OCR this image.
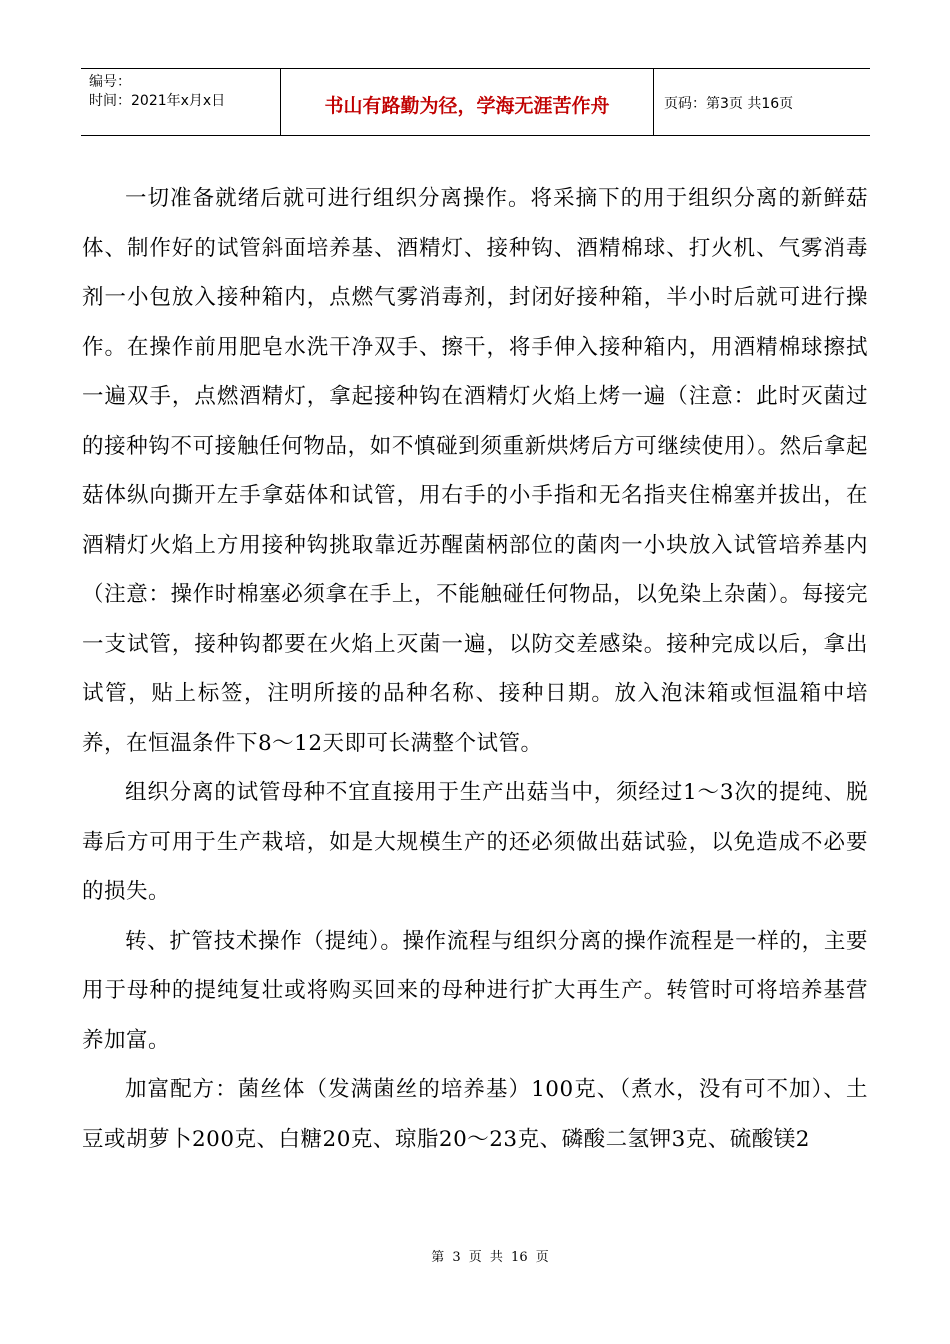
编号：
时间：2021年x月x日	书山有路勤为径，学海无涯苦作舟	页码：第3页 共16页

一切准备就绪后就可进行组织分离操作。将采摘下的用于组织分离的新鲜菇体、制作好的试管斜面培养基、酒精灯、接种钩、酒精棉球、打火机、气雾消毒剂一小包放入接种箱内，点燃气雾消毒剂，封闭好接种箱，半小时后就可进行操作。在操作前用肥皂水洗干净双手、擦干，将手伸入接种箱内，用酒精棉球擦拭一遍双手，点燃酒精灯，拿起接种钩在酒精灯火焰上烤一遍（注意：此时灭菌过的接种钩不可接触任何物品，如不慎碰到须重新烘烤后方可继续使用）。然后拿起菇体纵向撕开左手拿菇体和试管，用右手的小手指和无名指夹住棉塞并拔出，在酒精灯火焰上方用接种钩挑取靠近苏醒菌柄部位的菌肉一小块放入试管培养基内（注意：操作时棉塞必须拿在手上，不能触碰任何物品，以免染上杂菌）。每接完一支试管，接种钩都要在火焰上灭菌一遍，以防交差感染。接种完成以后，拿出试管，贴上标签，注明所接的品种名称、接种日期。放入泡沫箱或恒温箱中培养，在恒温条件下8～12天即可长满整个试管。

组织分离的试管母种不宜直接用于生产出菇当中，须经过1～3次的提纯、脱毒后方可用于生产栽培，如是大规模生产的还必须做出菇试验，以免造成不必要的损失。

转、扩管技术操作（提纯）。操作流程与组织分离的操作流程是一样的，主要用于母种的提纯复壮或将购买回来的母种进行扩大再生产。转管时可将培养基营养加富。

加富配方：菌丝体（发满菌丝的培养基）100克、（煮水，没有可不加）、土豆或胡萝卜200克、白糖20克、琼脂20～23克、磷酸二氢钾3克、硫酸镁2

第 3 页 共 16 页
